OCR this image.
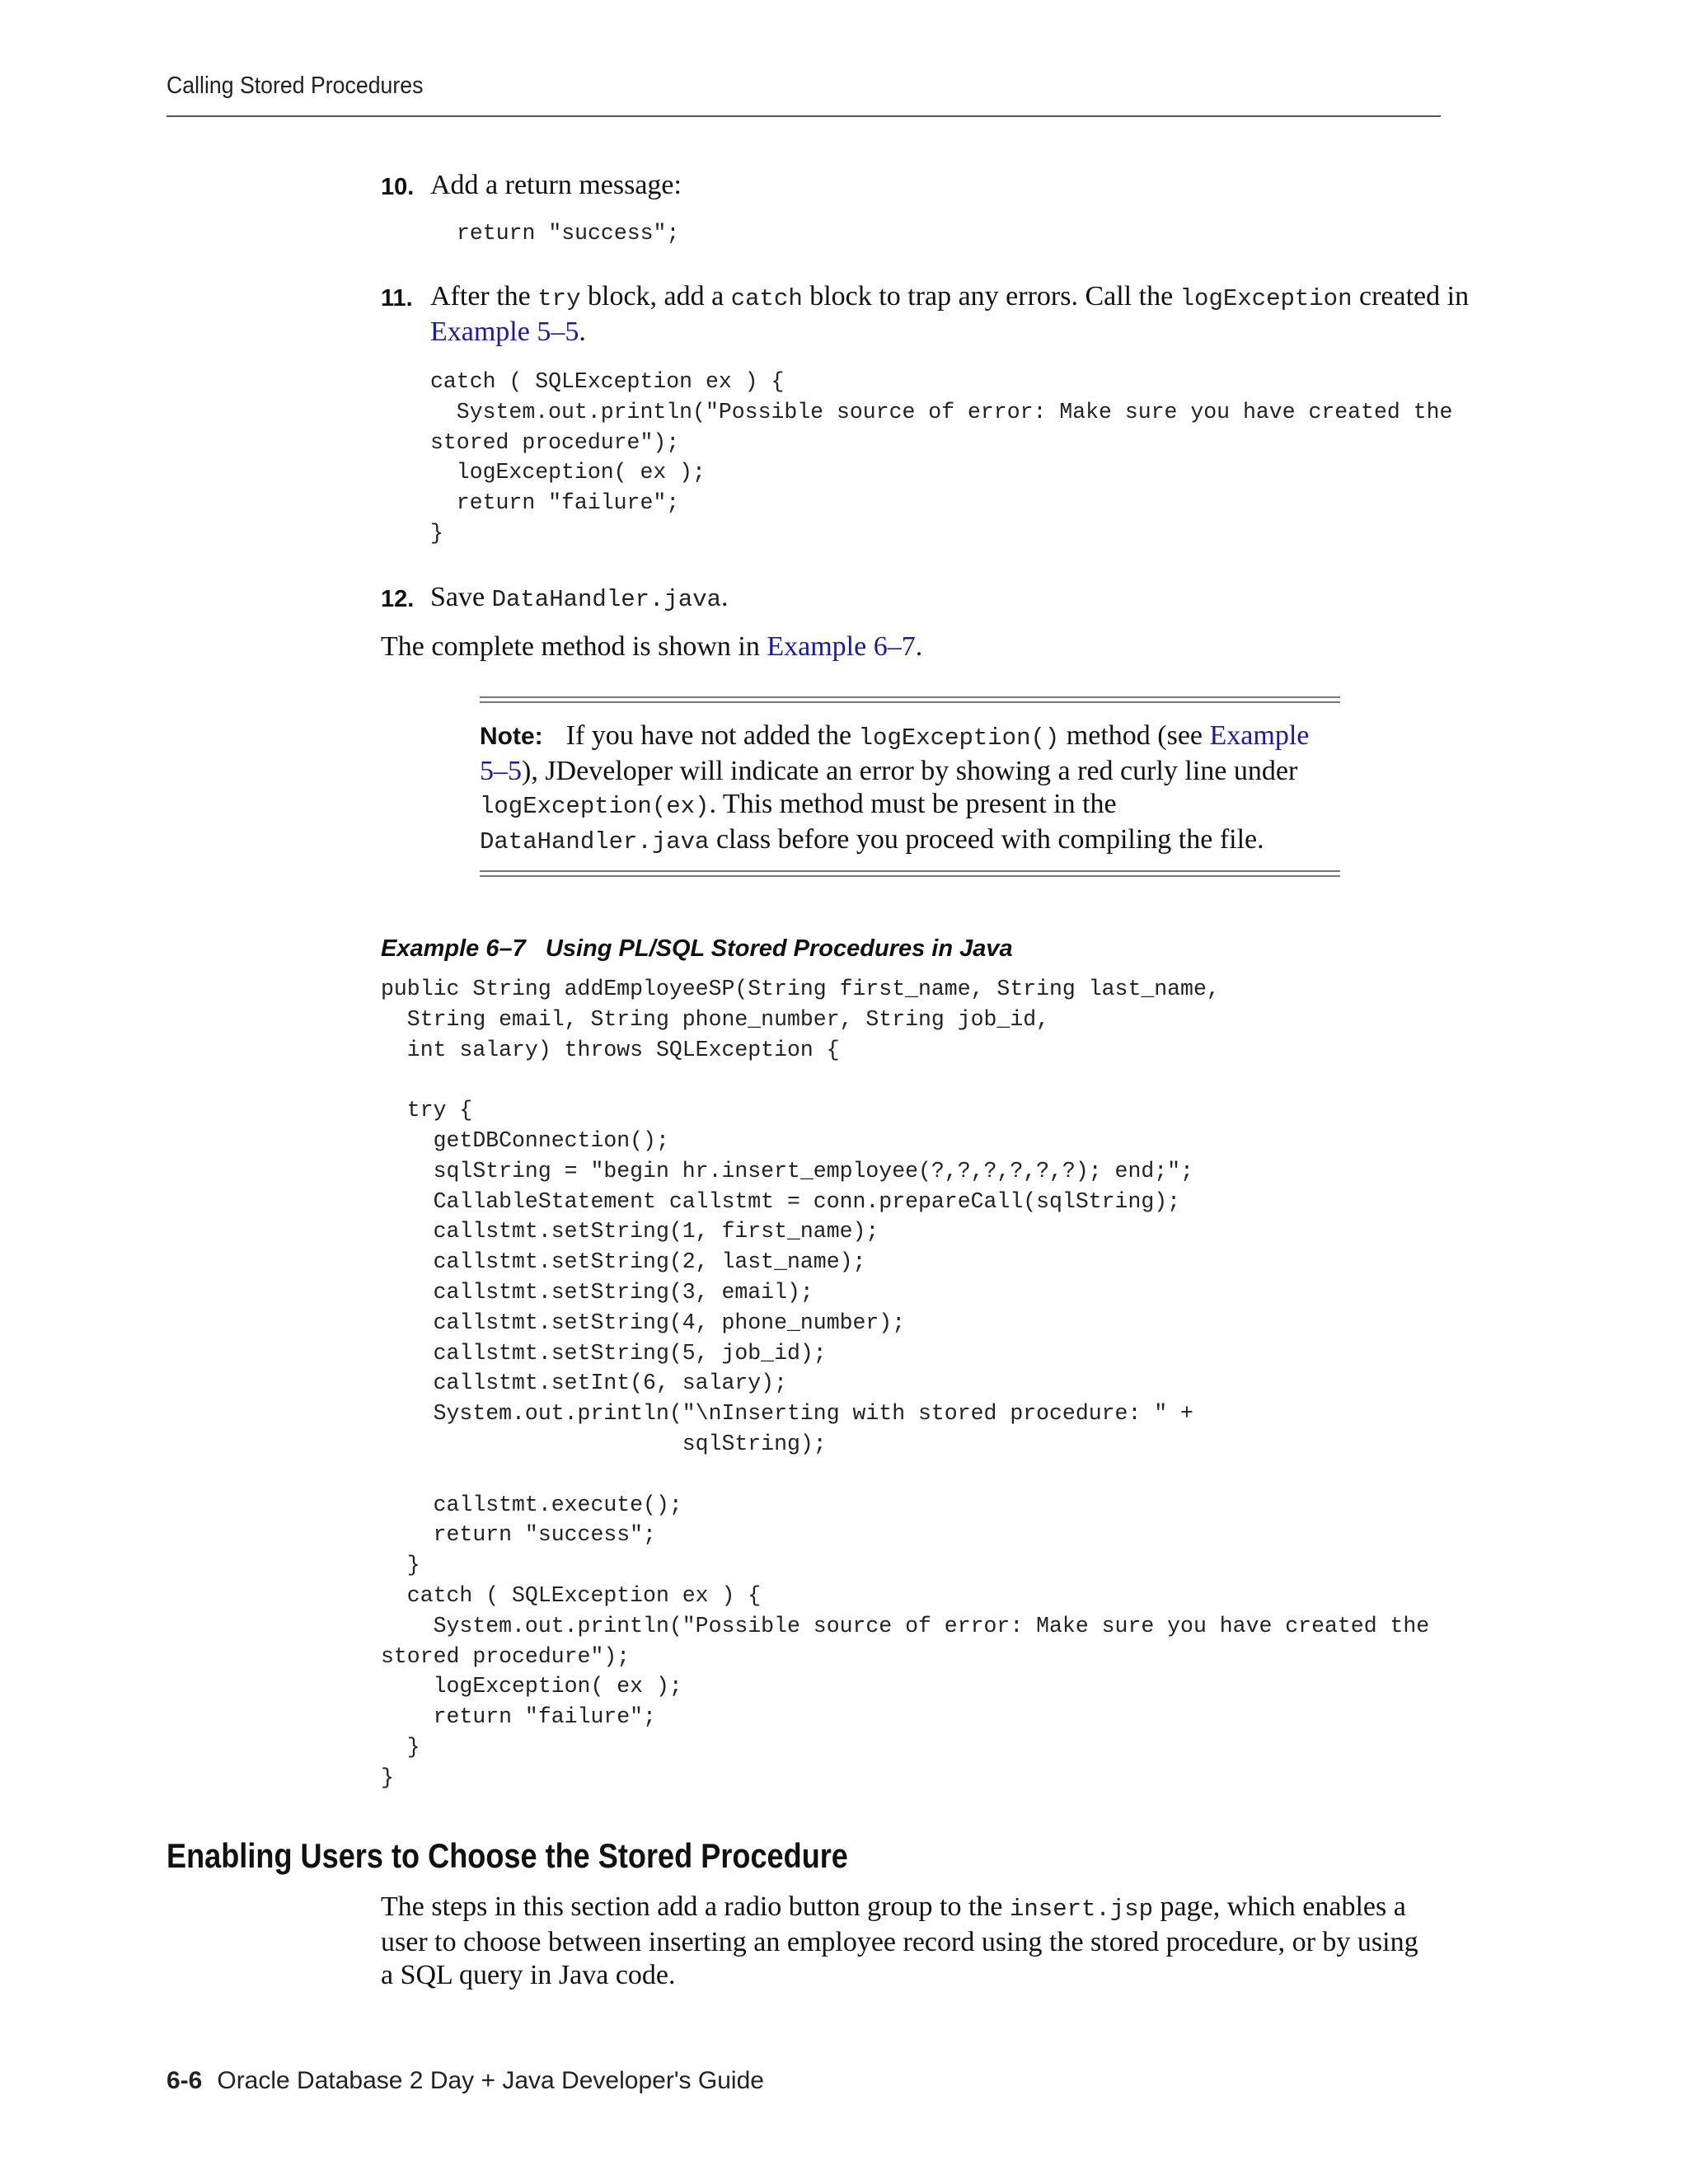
Calling Stored Procedures
10. Add a return message:

return "success";
11. After the try block, add a catch block to trap any errors. Call the logException created in Example 5–5.

catch ( SQLException ex ) {
System.out.println("Possible source of error: Make sure you have created the
stored procedure");
logException( ex );
return "failure";
}
12. Save DataHandler.java.

The complete method is shown in Example 6–7.

Example 6–7 Using PL/SQL Stored Procedures in Java

public String addEmployeeSP(String first_name, String last_name,
String email, String phone_number, String job_id,
int salary) throws SQLException {

try {
getDBConnection();
sqlString = "begin hr.insert_employee(?,?,?,?,?,?); end;";
CallableStatement callstmt = conn.prepareCall(sqlString);
callstmt.setString(1, first_name);
callstmt.setString(2, last_name);
callstmt.setString(3, email);
callstmt.setString(4, phone_number);
callstmt.setString(5, job_id);
callstmt.setInt(6, salary);
System.out.println("\nInserting with stored procedure: " +
sqlString);

callstmt.execute();
return "success";
}
catch ( SQLException ex ) {
System.out.println("Possible source of error: Make sure you have created the
stored procedure");
logException( ex );
return "failure";
}
}
Note: If you have not added the logException() method (see Example 5–5), JDeveloper will indicate an error by showing a red curly line under logException(ex). This method must be present in the DataHandler.java class before you proceed with compiling the file.
Enabling Users to Choose the Stored Procedure

The steps in this section add a radio button group to the insert.jsp page, which enables a user to choose between inserting an employee record using the stored procedure, or by using a SQL query in Java code.

6-6 Oracle Database 2 Day + Java Developer's Guide
